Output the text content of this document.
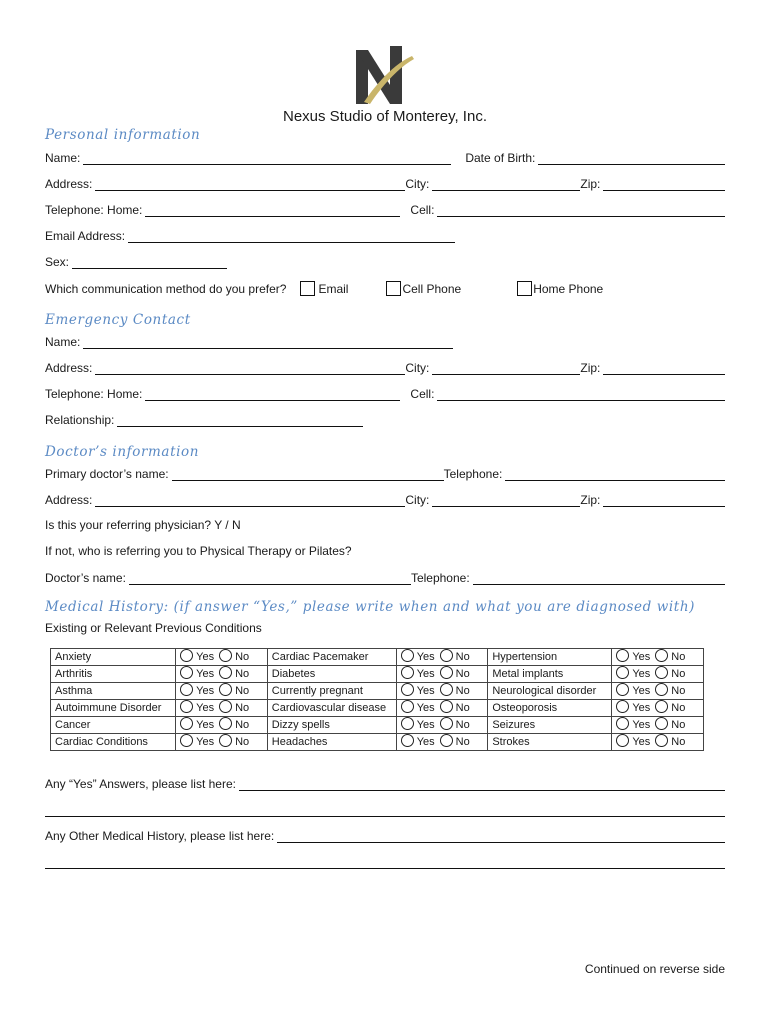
Nexus Studio of Monterey, Inc.
Personal information
Name:	Date of Birth:
Address:	City:	Zip:
Telephone: Home:	Cell:
Email Address:
Sex:
Which communication method do you prefer?	Email	Cell Phone	Home Phone
Emergency Contact
Name:
Address:	City:	Zip:
Telephone: Home:	Cell:
Relationship:
Doctor’s information
Primary doctor’s name:	Telephone:
Address:	City:	Zip:
Is this your referring physician? Y / N
If not, who is referring you to Physical Therapy or Pilates?
Doctor’s name:	Telephone:
Medical History: (if answer “Yes,” please write when and what you are diagnosed with)
Existing or Relevant Previous Conditions
Anxiety	Yes No	Cardiac Pacemaker	Yes No	Hypertension	Yes No
Arthritis	Yes No	Diabetes	Yes No	Metal implants	Yes No
Asthma	Yes No	Currently pregnant	Yes No	Neurological disorder	Yes No
Autoimmune Disorder	Yes No	Cardiovascular disease	Yes No	Osteoporosis	Yes No
Cancer	Yes No	Dizzy spells	Yes No	Seizures	Yes No
Cardiac Conditions	Yes No	Headaches	Yes No	Strokes	Yes No
Any “Yes” Answers, please list here:
Any Other Medical History, please list here:
Continued on reverse side
